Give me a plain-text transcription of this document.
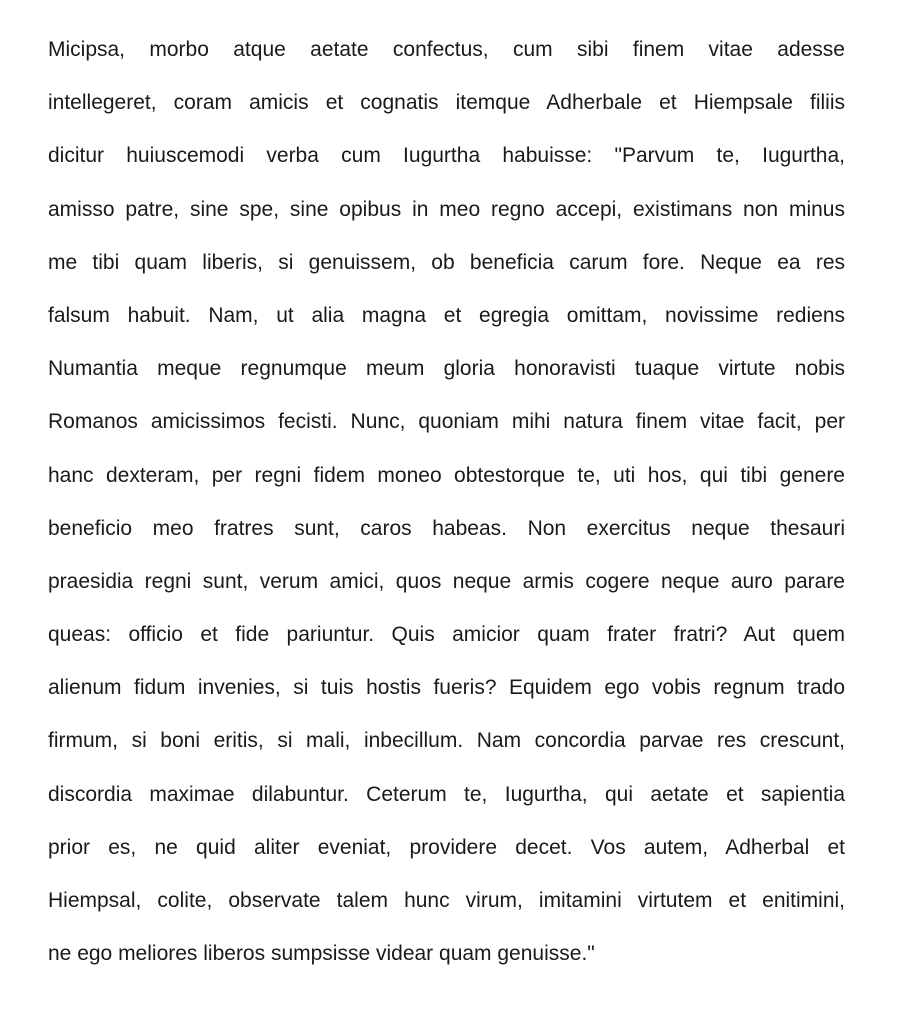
Micipsa, morbo atque aetate confectus, cum sibi finem vitae adesse
intellegeret, coram amicis et cognatis itemque Adherbale et Hiempsale filiis
dicitur huiuscemodi verba cum Iugurtha habuisse: "Parvum te, Iugurtha,
amisso patre, sine spe, sine opibus in meo regno accepi, existimans non minus
me tibi quam liberis, si genuissem, ob beneficia carum fore. Neque ea res
falsum habuit. Nam, ut alia magna et egregia omittam, novissime rediens
Numantia meque regnumque meum gloria honoravisti tuaque virtute nobis
Romanos amicissimos fecisti. Nunc, quoniam mihi natura finem vitae facit, per
hanc dexteram, per regni fidem moneo obtestorque te, uti hos, qui tibi genere
beneficio meo fratres sunt, caros habeas. Non exercitus neque thesauri
praesidia regni sunt, verum amici, quos neque armis cogere neque auro parare
queas: officio et fide pariuntur. Quis amicior quam frater fratri? Aut quem
alienum fidum invenies, si tuis hostis fueris? Equidem ego vobis regnum trado
firmum, si boni eritis, si mali, inbecillum. Nam concordia parvae res crescunt,
discordia maximae dilabuntur. Ceterum te, Iugurtha, qui aetate et sapientia
prior es, ne quid aliter eveniat, providere decet. Vos autem, Adherbal et
Hiempsal, colite, observate talem hunc virum, imitamini virtutem et enitimini,
ne ego meliores liberos sumpsisse videar quam genuisse."
